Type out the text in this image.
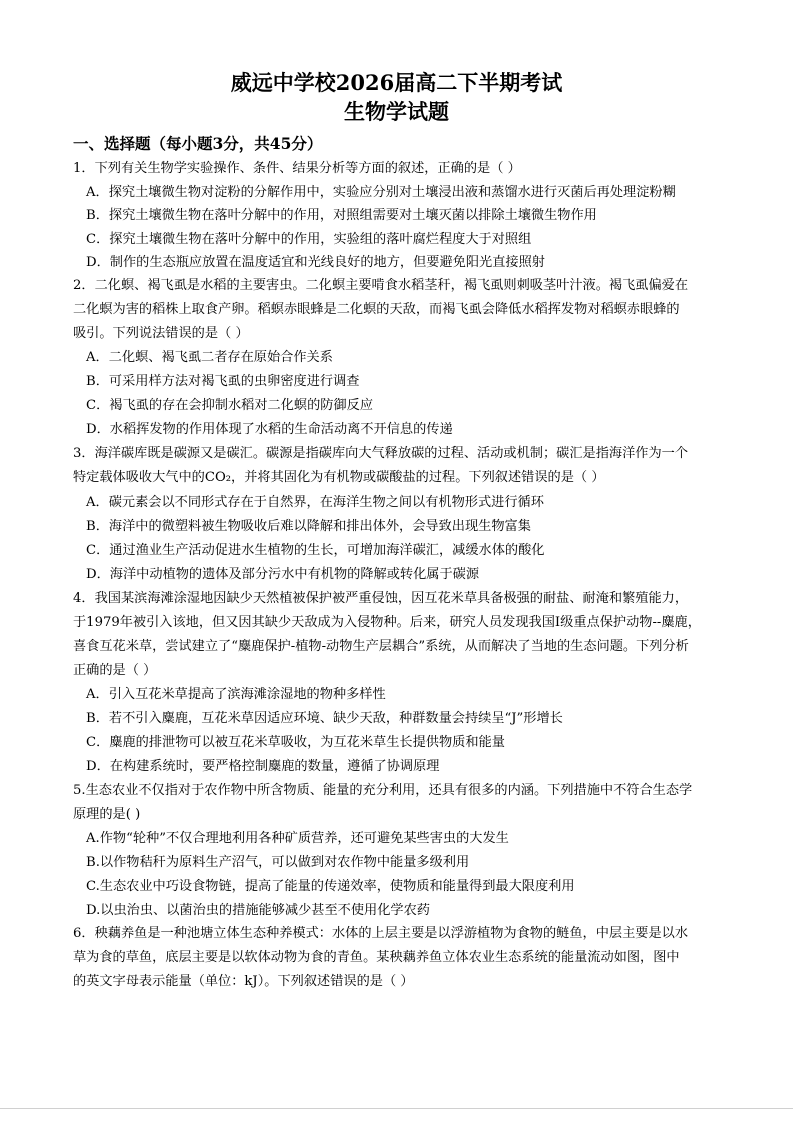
威远中学校2026届高二下半期考试
生物学试题
一、选择题（每小题3分，共45分）
1．下列有关生物学实验操作、条件、结果分析等方面的叙述，正确的是（ ）
A．探究土壤微生物对淀粉的分解作用中，实验应分别对土壤浸出液和蒸馏水进行灭菌后再处理淀粉糊
B．探究土壤微生物在落叶分解中的作用，对照组需要对土壤灭菌以排除土壤微生物作用
C．探究土壤微生物在落叶分解中的作用，实验组的落叶腐烂程度大于对照组
D．制作的生态瓶应放置在温度适宜和光线良好的地方，但要避免阳光直接照射
2．二化螟、褐飞虱是水稻的主要害虫。二化螟主要啃食水稻茎秆，褐飞虱则刺吸茎叶汁液。褐飞虱偏爱在
二化螟为害的稻株上取食产卵。稻螟赤眼蜂是二化螟的天敌，而褐飞虱会降低水稻挥发物对稻螟赤眼蜂的
吸引。下列说法错误的是（ ）
A．二化螟、褐飞虱二者存在原始合作关系
B．可采用样方法对褐飞虱的虫卵密度进行调查
C．褐飞虱的存在会抑制水稻对二化螟的防御反应
D．水稻挥发物的作用体现了水稻的生命活动离不开信息的传递
3．海洋碳库既是碳源又是碳汇。碳源是指碳库向大气释放碳的过程、活动或机制；碳汇是指海洋作为一个
特定载体吸收大气中的CO₂，并将其固化为有机物或碳酸盐的过程。下列叙述错误的是（ ）
A．碳元素会以不同形式存在于自然界，在海洋生物之间以有机物形式进行循环
B．海洋中的微塑料被生物吸收后难以降解和排出体外，会导致出现生物富集
C．通过渔业生产活动促进水生植物的生长，可增加海洋碳汇，减缓水体的酸化
D．海洋中动植物的遗体及部分污水中有机物的降解或转化属于碳源
4．我国某滨海滩涂湿地因缺少天然植被保护被严重侵蚀，因互花米草具备极强的耐盐、耐淹和繁殖能力，
于1979年被引入该地，但又因其缺少天敌成为入侵物种。后来，研究人员发现我国Ⅰ级重点保护动物--麋鹿，
喜食互花米草，尝试建立了“麋鹿保护-植物-动物生产层耦合”系统，从而解决了当地的生态问题。下列分析
正确的是（ ）
A．引入互花米草提高了滨海滩涂湿地的物种多样性
B．若不引入麋鹿，互花米草因适应环境、缺少天敌，种群数量会持续呈“J”形增长
C．麋鹿的排泄物可以被互花米草吸收，为互花米草生长提供物质和能量
D．在构建系统时，要严格控制麋鹿的数量，遵循了协调原理
5.生态农业不仅指对于农作物中所含物质、能量的充分利用，还具有很多的内涵。下列措施中不符合生态学
原理的是( )
A.作物“轮种”不仅合理地利用各种矿质营养，还可避免某些害虫的大发生
B.以作物秸秆为原料生产沼气，可以做到对农作物中能量多级利用
C.生态农业中巧设食物链，提高了能量的传递效率，使物质和能量得到最大限度利用
D.以虫治虫、以菌治虫的措施能够减少甚至不使用化学农药
6．秧藕养鱼是一种池塘立体生态种养模式：水体的上层主要是以浮游植物为食物的鲢鱼，中层主要是以水
草为食的草鱼，底层主要是以软体动物为食的青鱼。某秧藕养鱼立体农业生态系统的能量流动如图，图中
的英文字母表示能量（单位：kJ）。下列叙述错误的是（ ）
